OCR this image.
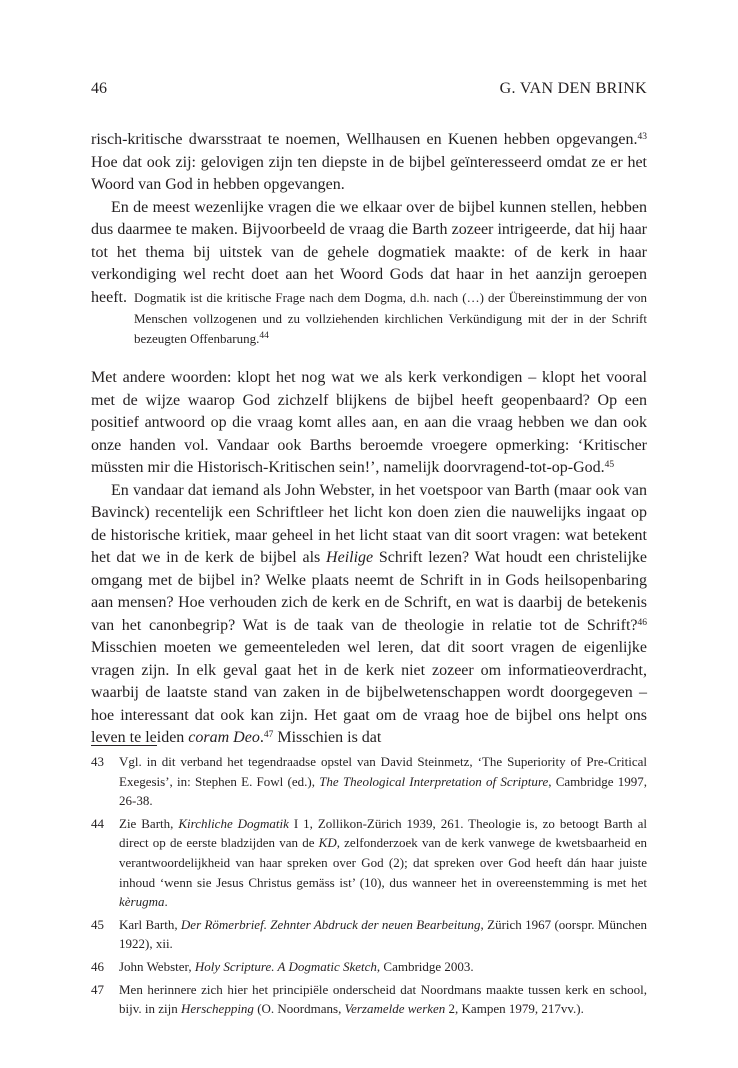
46	G. VAN DEN BRINK

risch-kritische dwarsstraat te noemen, Wellhausen en Kuenen hebben opgevangen.$^{43}$ Hoe dat ook zij: gelovigen zijn ten diepste in de bijbel geïnteresseerd omdat ze er het Woord van God in hebben opgevangen.

En de meest wezenlijke vragen die we elkaar over de bijbel kunnen stellen, hebben dus daarmee te maken. Bijvoorbeeld de vraag die Barth zozeer intrigeerde, dat hij haar tot het thema bij uitstek van de gehele dogmatiek maakte: of de kerk in haar verkondiging wel recht doet aan het Woord Gods dat haar in het aanzijn geroepen heeft. Dogmatik ist die kritische Frage nach dem Dogma, d.h. nach (…) der Übereinstimmung der von Menschen vollzogenen und zu vollziehenden kirchlichen Verkündigung mit der in der Schrift bezeugten Offenbarung.$^{44}$

Met andere woorden: klopt het nog wat we als kerk verkondigen – klopt het vooral met de wijze waarop God zichzelf blijkens de bijbel heeft geopenbaard? Op een positief antwoord op die vraag komt alles aan, en aan die vraag hebben we dan ook onze handen vol. Vandaar ook Barths beroemde vroegere opmerking: ‘Kritischer müssten mir die Historisch-Kritischen sein!’, namelijk doorvragend-tot-op-God.$^{45}$

En vandaar dat iemand als John Webster, in het voetspoor van Barth (maar ook van Bavinck) recentelijk een Schriftleer het licht kon doen zien die nauwelijks ingaat op de historische kritiek, maar geheel in het licht staat van dit soort vragen: wat betekent het dat we in de kerk de bijbel als Heilige Schrift lezen? Wat houdt een christelijke omgang met de bijbel in? Welke plaats neemt de Schrift in in Gods heilsopenbaring aan mensen? Hoe verhouden zich de kerk en de Schrift, en wat is daarbij de betekenis van het canonbegrip? Wat is de taak van de theologie in relatie tot de Schrift?$^{46}$ Misschien moeten we gemeenteleden wel leren, dat dit soort vragen de eigenlijke vragen zijn. In elk geval gaat het in de kerk niet zozeer om informatieoverdracht, waarbij de laatste stand van zaken in de bijbelwetenschappen wordt doorgegeven – hoe interessant dat ook kan zijn. Het gaat om de vraag hoe de bijbel ons helpt ons leven te leiden coram Deo.$^{47}$ Misschien is dat

43 Vgl. in dit verband het tegendraadse opstel van David Steinmetz, ‘The Superiority of Pre-Critical Exegesis’, in: Stephen E. Fowl (ed.), The Theological Interpretation of Scripture, Cambridge 1997, 26-38.
44 Zie Barth, Kirchliche Dogmatik I 1, Zollikon-Zürich 1939, 261. Theologie is, zo betoogt Barth al direct op de eerste bladzijden van de KD, zelfonderzoek van de kerk vanwege de kwetsbaarheid en verantwoordelijkheid van haar spreken over God (2); dat spreken over God heeft dán haar juiste inhoud ‘wenn sie Jesus Christus gemäss ist’ (10), dus wanneer het in overeenstemming is met het kèrugma.
45 Karl Barth, Der Römerbrief. Zehnter Abdruck der neuen Bearbeitung, Zürich 1967 (oorspr. München 1922), xii.
46 John Webster, Holy Scripture. A Dogmatic Sketch, Cambridge 2003.
47 Men herinnere zich hier het principiële onderscheid dat Noordmans maakte tussen kerk en school, bijv. in zijn Herschepping (O. Noordmans, Verzamelde werken 2, Kampen 1979, 217vv.).
